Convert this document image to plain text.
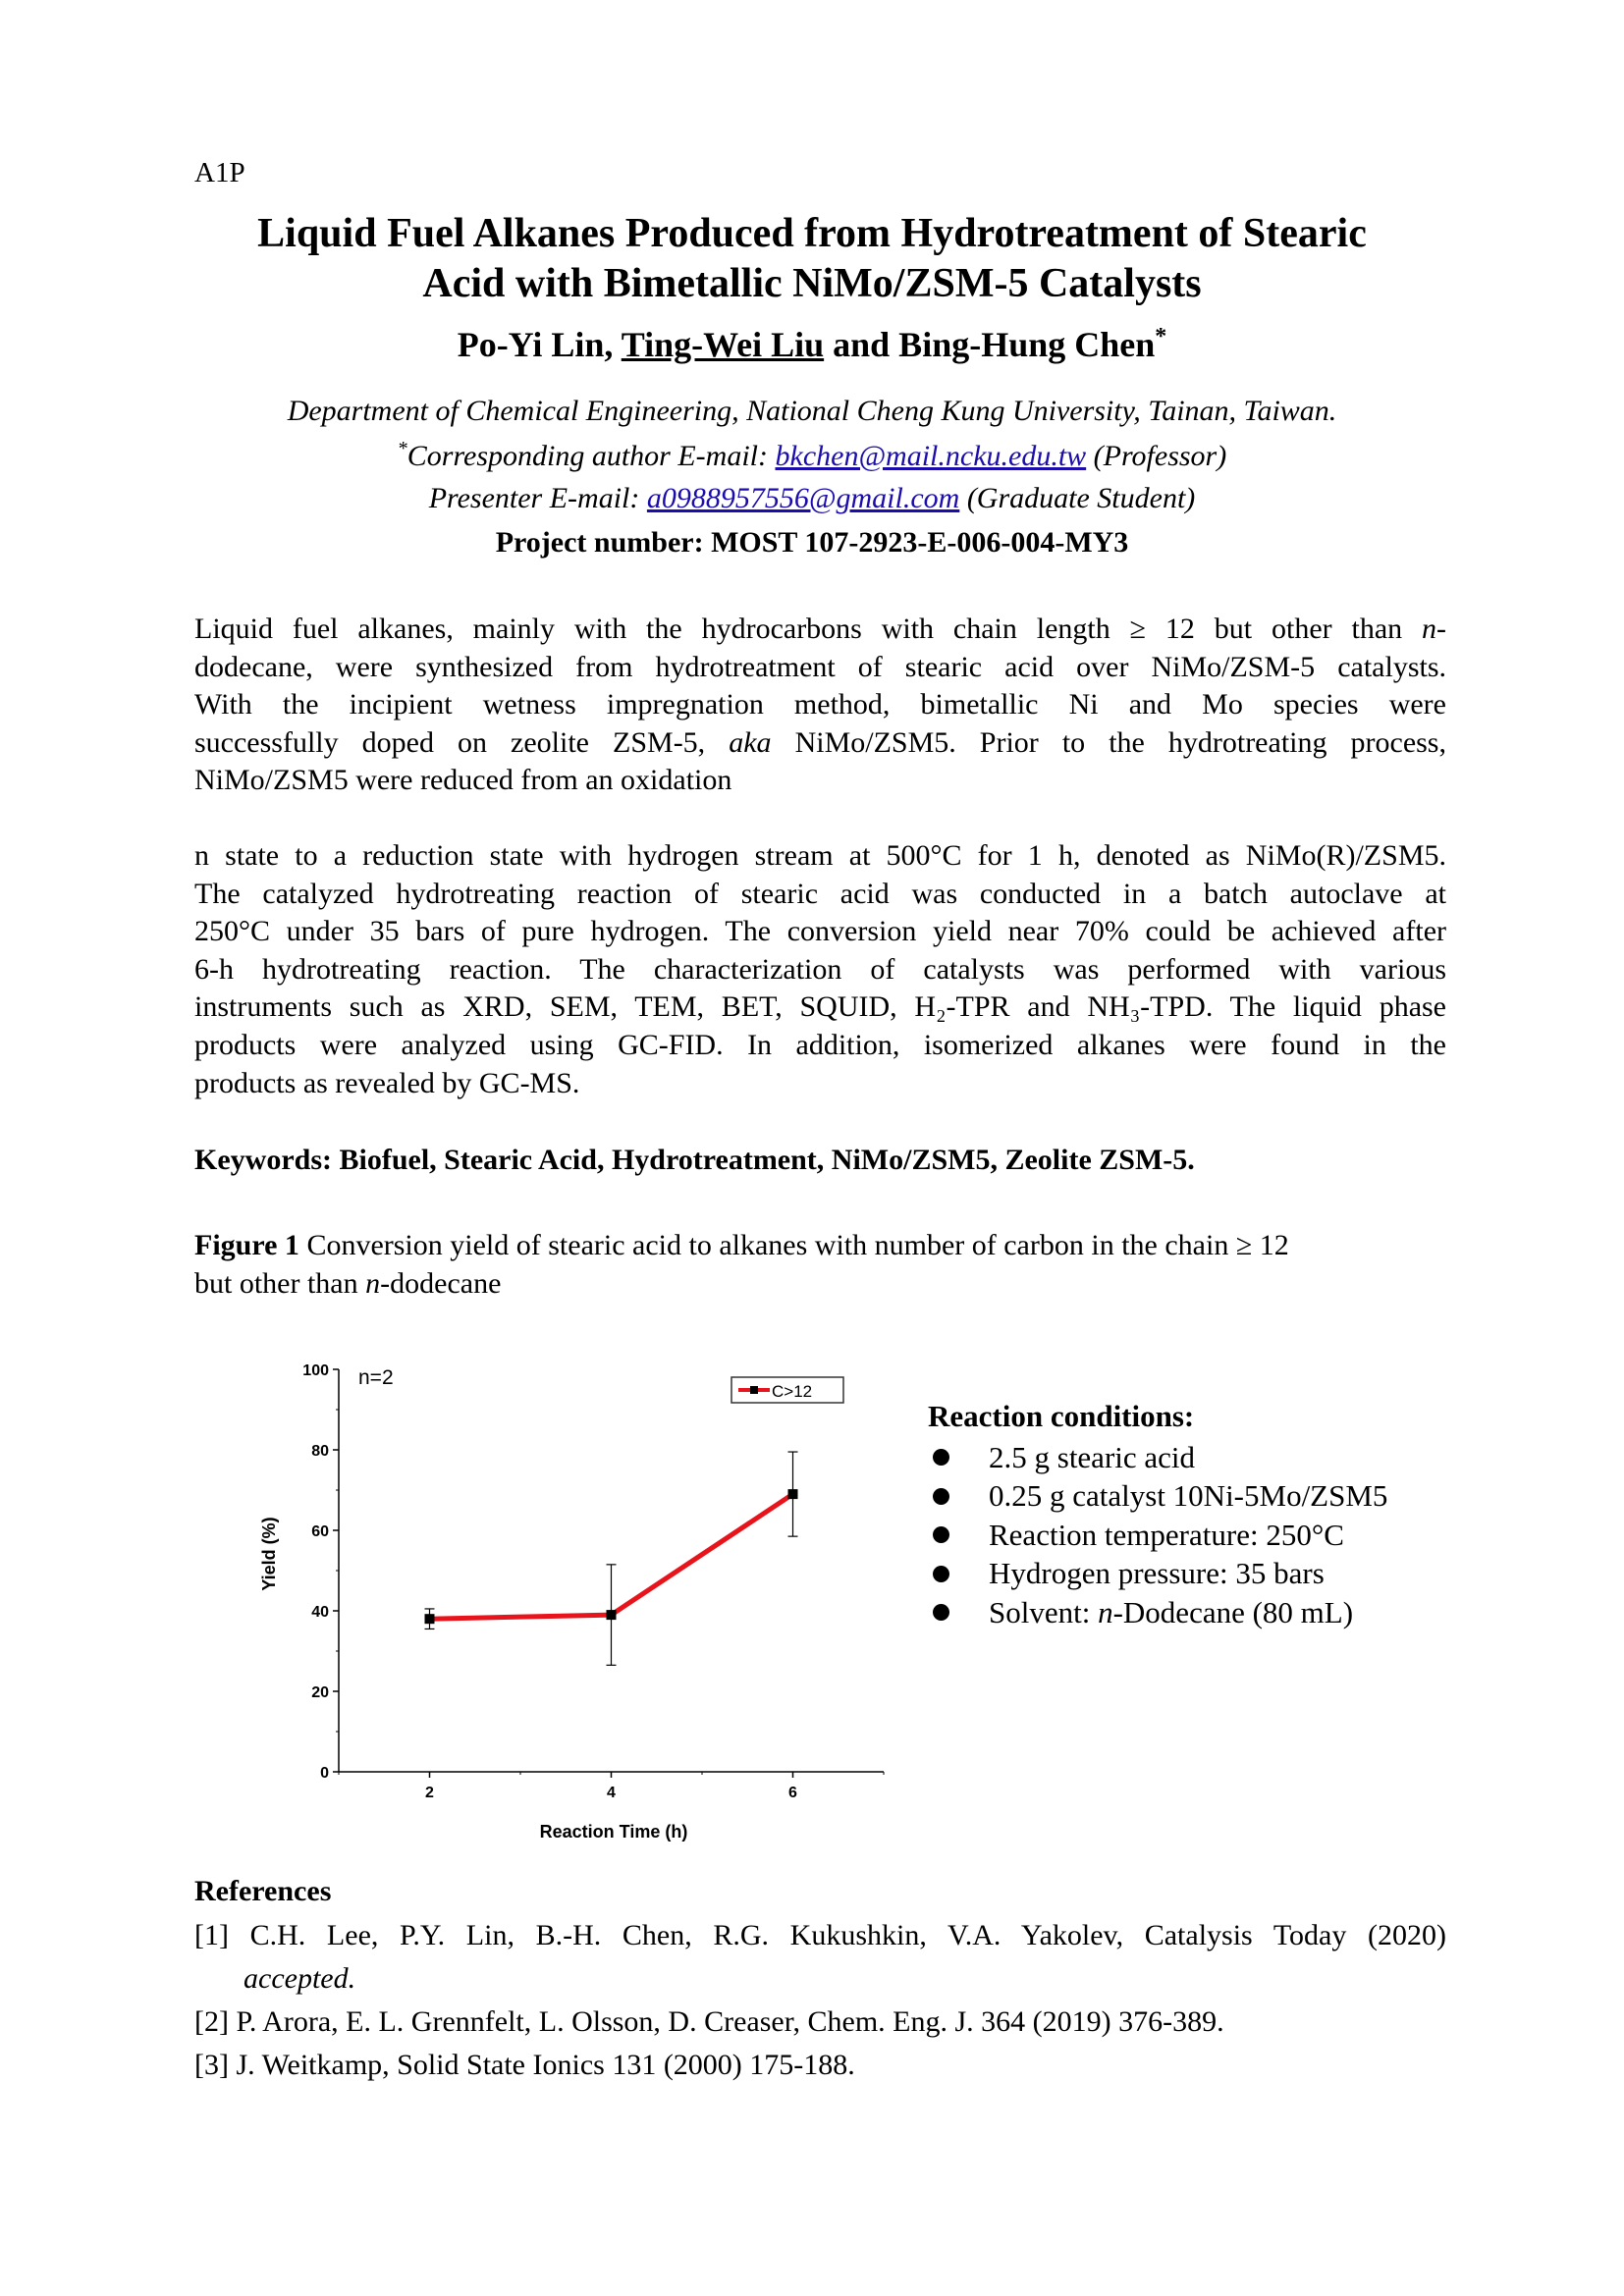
A1P
Liquid Fuel Alkanes Produced from Hydrotreatment of Stearic
Acid with Bimetallic NiMo/ZSM-5 Catalysts
Po-Yi Lin, Ting-Wei Liu and Bing-Hung Chen*
Department of Chemical Engineering, National Cheng Kung University, Tainan, Taiwan.
*Corresponding author E-mail: bkchen@mail.ncku.edu.tw (Professor)
Presenter E-mail: a0988957556@gmail.com (Graduate Student)
Project number: MOST 107-2923-E-006-004-MY3
Liquid fuel alkanes, mainly with the hydrocarbons with chain length ≥ 12 but other than n-
dodecane, were synthesized from hydrotreatment of stearic acid over NiMo/ZSM-5 catalysts.
With the incipient wetness impregnation method, bimetallic Ni and Mo species were
successfully doped on zeolite ZSM-5, aka NiMo/ZSM5. Prior to the hydrotreating process,
NiMo/ZSM5 were reduced from an oxidation
n state to a reduction state with hydrogen stream at 500°C for 1 h, denoted as NiMo(R)/ZSM5.
The catalyzed hydrotreating reaction of stearic acid was conducted in a batch autoclave at
250°C under 35 bars of pure hydrogen. The conversion yield near 70% could be achieved after
6-h hydrotreating reaction. The characterization of catalysts was performed with various
instruments such as XRD, SEM, TEM, BET, SQUID, H₂-TPR and NH₃-TPD. The liquid phase
products were analyzed using GC-FID. In addition, isomerized alkanes were found in the
products as revealed by GC-MS.
Keywords: Biofuel, Stearic Acid, Hydrotreatment, NiMo/ZSM5, Zeolite ZSM-5.
Figure 1 Conversion yield of stearic acid to alkanes with number of carbon in the chain ≥ 12
but other than n-dodecane
0
20
40
60
80
100
2	4	6
n=2
Reaction Time (h)
Yield (%)
C>12
Reaction conditions:
2.5 g stearic acid
0.25 g catalyst 10Ni-5Mo/ZSM5
Reaction temperature: 250°C
Hydrogen pressure: 35 bars
Solvent: n-Dodecane (80 mL)
References
[1] C.H. Lee, P.Y. Lin, B.-H. Chen, R.G. Kukushkin, V.A. Yakolev, Catalysis Today (2020)
accepted.
[2] P. Arora, E. L. Grennfelt, L. Olsson, D. Creaser, Chem. Eng. J. 364 (2019) 376-389.
[3] J. Weitkamp, Solid State Ionics 131 (2000) 175-188.
